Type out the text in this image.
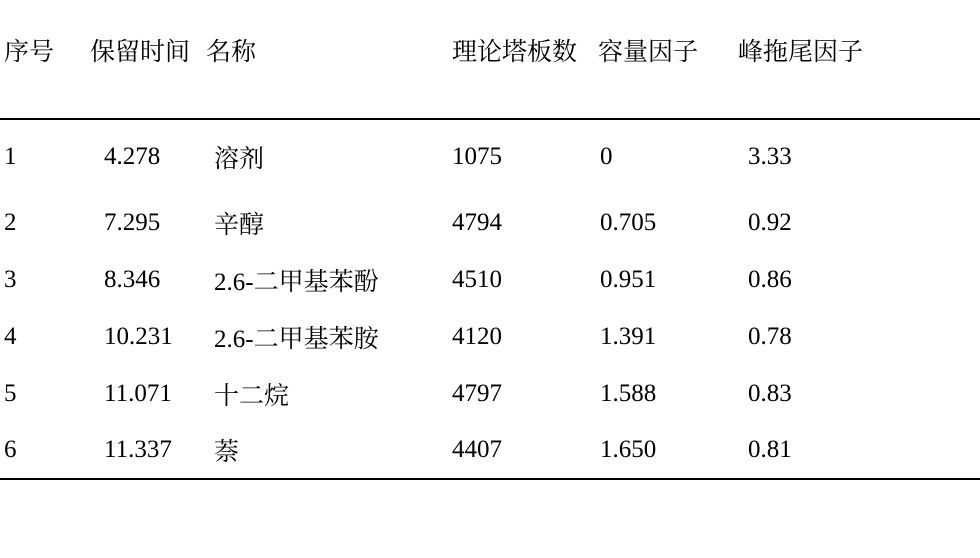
序号	保留时间	名称	理论塔板数	容量因子	峰拖尾因子

1	4.278	溶剂	1075	0	3.33
2	7.295	辛醇	4794	0.705	0.92
3	8.346	2.6-二甲基苯酚	4510	0.951	0.86
4	10.231	2.6-二甲基苯胺	4120	1.391	0.78
5	11.071	十二烷	4797	1.588	0.83
6	11.337	萘	4407	1.650	0.81
